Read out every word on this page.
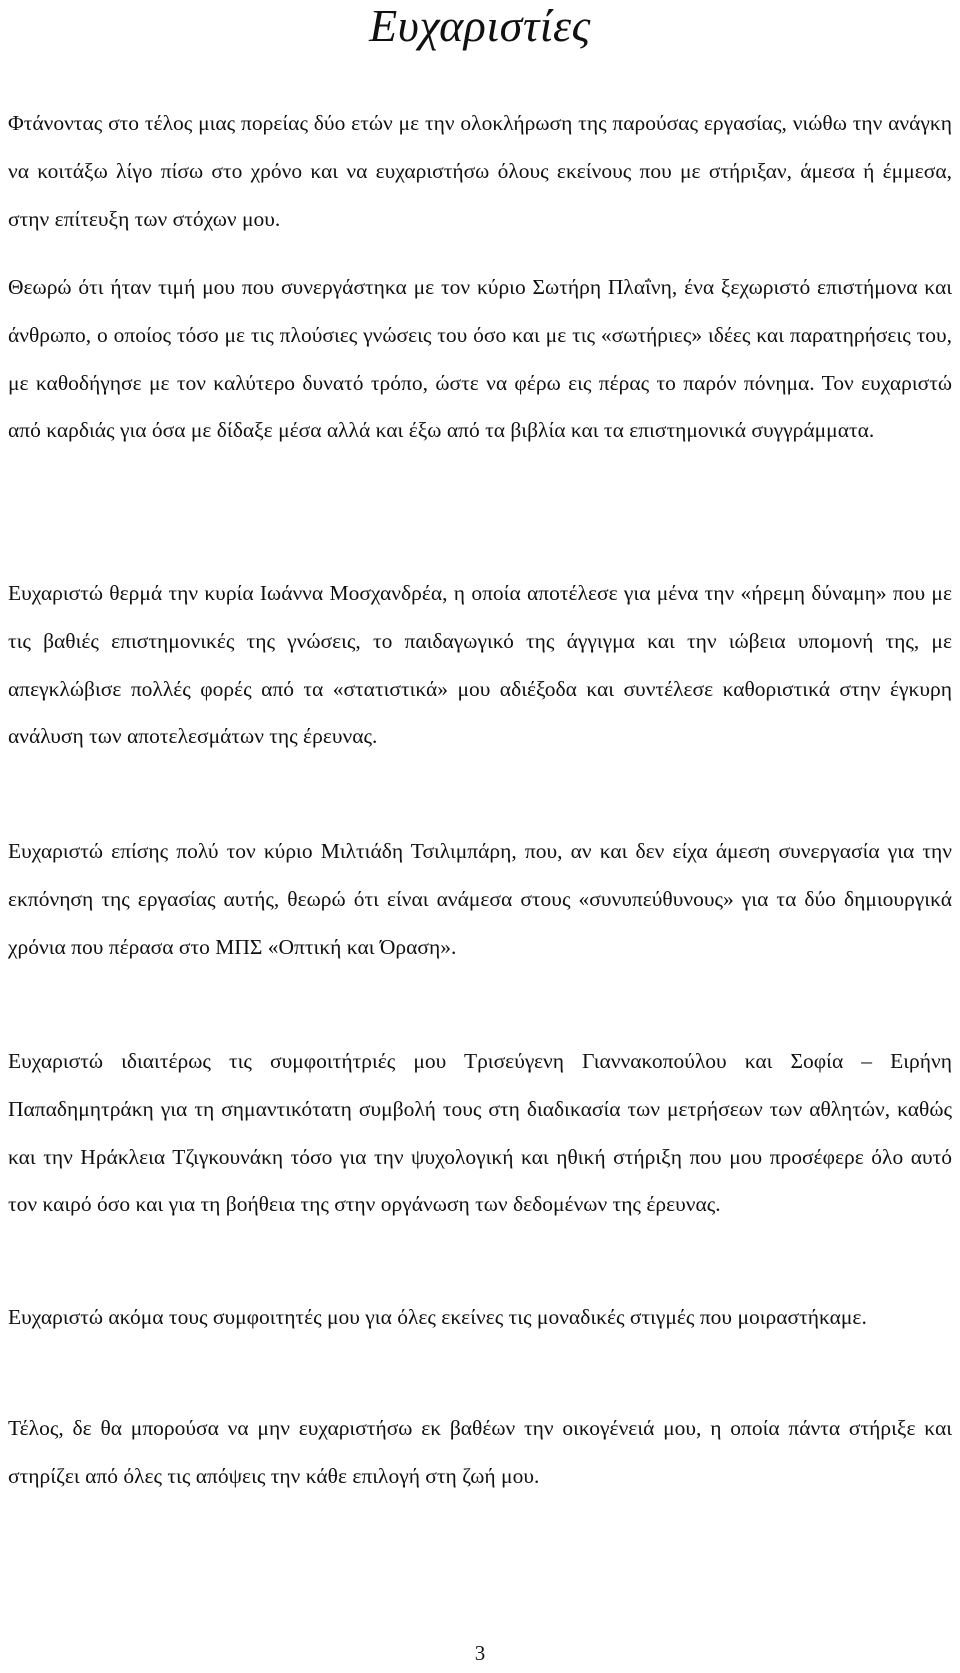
Ευχαριστίες

Φτάνοντας στο τέλος μιας πορείας δύο ετών με την ολοκλήρωση της παρούσας εργασίας, νιώθω την ανάγκη να κοιτάξω λίγο πίσω στο χρόνο και να ευχαριστήσω όλους εκείνους που με στήριξαν, άμεσα ή έμμεσα, στην επίτευξη των στόχων μου.

Θεωρώ ότι ήταν τιμή μου που συνεργάστηκα με τον κύριο Σωτήρη Πλαΐνη, ένα ξεχωριστό επιστήμονα και άνθρωπο, ο οποίος τόσο με τις πλούσιες γνώσεις του όσο και με τις «σωτήριες» ιδέες και παρατηρήσεις του, με καθοδήγησε με τον καλύτερο δυνατό τρόπο, ώστε να φέρω εις πέρας το παρόν πόνημα. Τον ευχαριστώ από καρδιάς για όσα με δίδαξε μέσα αλλά και έξω από τα βιβλία και τα επιστημονικά συγγράμματα.

Ευχαριστώ θερμά την κυρία Ιωάννα Μοσχανδρέα, η οποία αποτέλεσε για μένα την «ήρεμη δύναμη» που με τις βαθιές επιστημονικές της γνώσεις, το παιδαγωγικό της άγγιγμα και την ιώβεια υπομονή της, με απεγκλώβισε πολλές φορές από τα «στατιστικά» μου αδιέξοδα και συντέλεσε καθοριστικά στην έγκυρη ανάλυση των αποτελεσμάτων της έρευνας.

Ευχαριστώ επίσης πολύ τον κύριο Μιλτιάδη Τσιλιμπάρη, που, αν και δεν είχα άμεση συνεργασία για την εκπόνηση της εργασίας αυτής, θεωρώ ότι είναι ανάμεσα στους «συνυπεύθυνους» για τα δύο δημιουργικά χρόνια που πέρασα στο ΜΠΣ «Οπτική και Όραση».

Ευχαριστώ ιδιαιτέρως τις συμφοιτήτριές μου Τρισεύγενη Γιαννακοπούλου και Σοφία – Ειρήνη Παπαδημητράκη για τη σημαντικότατη συμβολή τους στη διαδικασία των μετρήσεων των αθλητών, καθώς και την Ηράκλεια Τζιγκουνάκη τόσο για την ψυχολογική και ηθική στήριξη που μου προσέφερε όλο αυτό τον καιρό όσο και για τη βοήθεια της στην οργάνωση των δεδομένων της έρευνας.

Ευχαριστώ ακόμα τους συμφοιτητές μου για όλες εκείνες τις μοναδικές στιγμές που μοιραστήκαμε.

Τέλος, δε θα μπορούσα να μην ευχαριστήσω εκ βαθέων την οικογένειά μου, η οποία πάντα στήριξε και στηρίζει από όλες τις απόψεις την κάθε επιλογή στη ζωή μου.

3
